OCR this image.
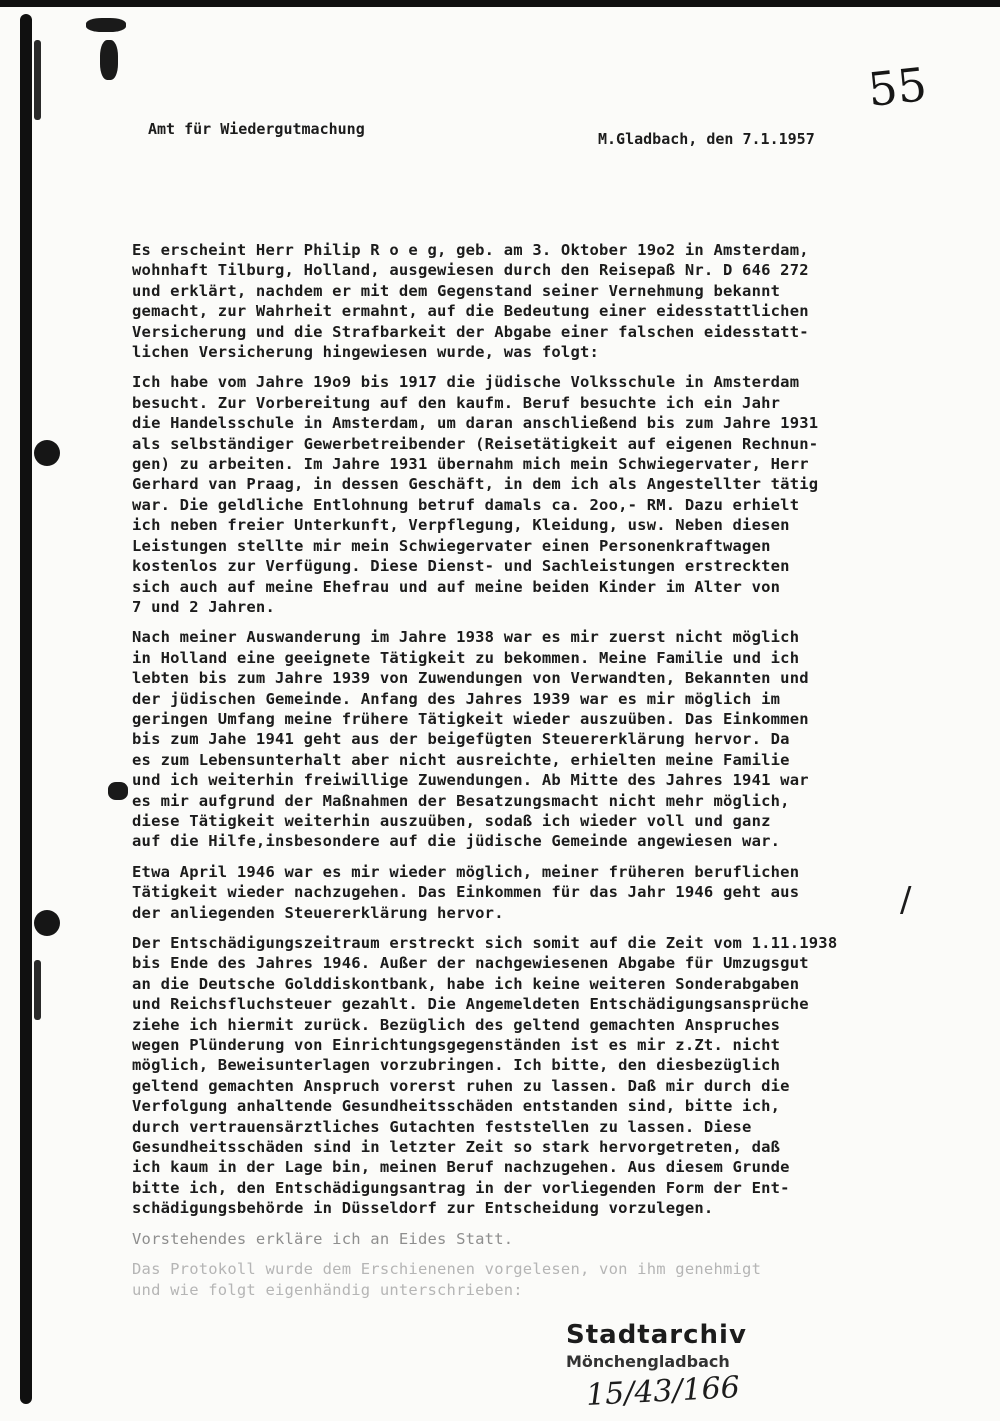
Amt für Wiedergutmachung
M.Gladbach, den 7.1.1957
55

Es erscheint Herr Philip R o e g, geb. am 3. Oktober 19o2 in Amsterdam,
wohnhaft Tilburg, Holland, ausgewiesen durch den Reisepaß Nr. D 646 272
und erklärt, nachdem er mit dem Gegenstand seiner Vernehmung bekannt
gemacht, zur Wahrheit ermahnt, auf die Bedeutung einer eidesstattlichen
Versicherung und die Strafbarkeit der Abgabe einer falschen eidesstatt-
lichen Versicherung hingewiesen wurde, was folgt:

Ich habe vom Jahre 19o9 bis 1917 die jüdische Volksschule in Amsterdam
besucht. Zur Vorbereitung auf den kaufm. Beruf besuchte ich ein Jahr
die Handelsschule in Amsterdam, um daran anschließend bis zum Jahre 1931
als selbständiger Gewerbetreibender (Reisetätigkeit auf eigenen Rechnun-
gen) zu arbeiten. Im Jahre 1931 übernahm mich mein Schwiegervater, Herr
Gerhard van Praag, in dessen Geschäft, in dem ich als Angestellter tätig
war. Die geldliche Entlohnung betruf damals ca. 2oo,- RM. Dazu erhielt
ich neben freier Unterkunft, Verpflegung, Kleidung, usw. Neben diesen
Leistungen stellte mir mein Schwiegervater einen Personenkraftwagen
kostenlos zur Verfügung. Diese Dienst- und Sachleistungen erstreckten
sich auch auf meine Ehefrau und auf meine beiden Kinder im Alter von
7 und 2 Jahren.

Nach meiner Auswanderung im Jahre 1938 war es mir zuerst nicht möglich
in Holland eine geeignete Tätigkeit zu bekommen. Meine Familie und ich
lebten bis zum Jahre 1939 von Zuwendungen von Verwandten, Bekannten und
der jüdischen Gemeinde. Anfang des Jahres 1939 war es mir möglich im
geringen Umfang meine frühere Tätigkeit wieder auszuüben. Das Einkommen
bis zum Jahe 1941 geht aus der beigefügten Steuererklärung hervor. Da
es zum Lebensunterhalt aber nicht ausreichte, erhielten meine Familie
und ich weiterhin freiwillige Zuwendungen. Ab Mitte des Jahres 1941 war
es mir aufgrund der Maßnahmen der Besatzungsmacht nicht mehr möglich,
diese Tätigkeit weiterhin auszuüben, sodaß ich wieder voll und ganz
auf die Hilfe,insbesondere auf die jüdische Gemeinde angewiesen war.

Etwa April 1946 war es mir wieder möglich, meiner früheren beruflichen
Tätigkeit wieder nachzugehen. Das Einkommen für das Jahr 1946 geht aus
der anliegenden Steuererklärung hervor.

Der Entschädigungszeitraum erstreckt sich somit auf die Zeit vom 1.11.1938
bis Ende des Jahres 1946. Außer der nachgewiesenen Abgabe für Umzugsgut
an die Deutsche Golddiskontbank, habe ich keine weiteren Sonderabgaben
und Reichsfluchsteuer gezahlt. Die Angemeldeten Entschädigungsansprüche
ziehe ich hiermit zurück. Bezüglich des geltend gemachten Anspruches
wegen Plünderung von Einrichtungsgegenständen ist es mir z.Zt. nicht
möglich, Beweisunterlagen vorzubringen. Ich bitte, den diesbezüglich
geltend gemachten Anspruch vorerst ruhen zu lassen. Daß mir durch die
Verfolgung anhaltende Gesundheitsschäden entstanden sind, bitte ich,
durch vertrauensärztliches Gutachten feststellen zu lassen. Diese
Gesundheitsschäden sind in letzter Zeit so stark hervorgetreten, daß
ich kaum in der Lage bin, meinen Beruf nachzugehen. Aus diesem Grunde
bitte ich, den Entschädigungsantrag in der vorliegenden Form der Ent-
schädigungsbehörde in Düsseldorf zur Entscheidung vorzulegen.

Vorstehendes erkläre ich an Eides Statt.

Das Protokoll wurde dem Erschienenen vorgelesen, von ihm genehmigt
und wie folgt eigenhändig unterschrieben:

/
Stadtarchiv
Mönchengladbach
15/43/166
